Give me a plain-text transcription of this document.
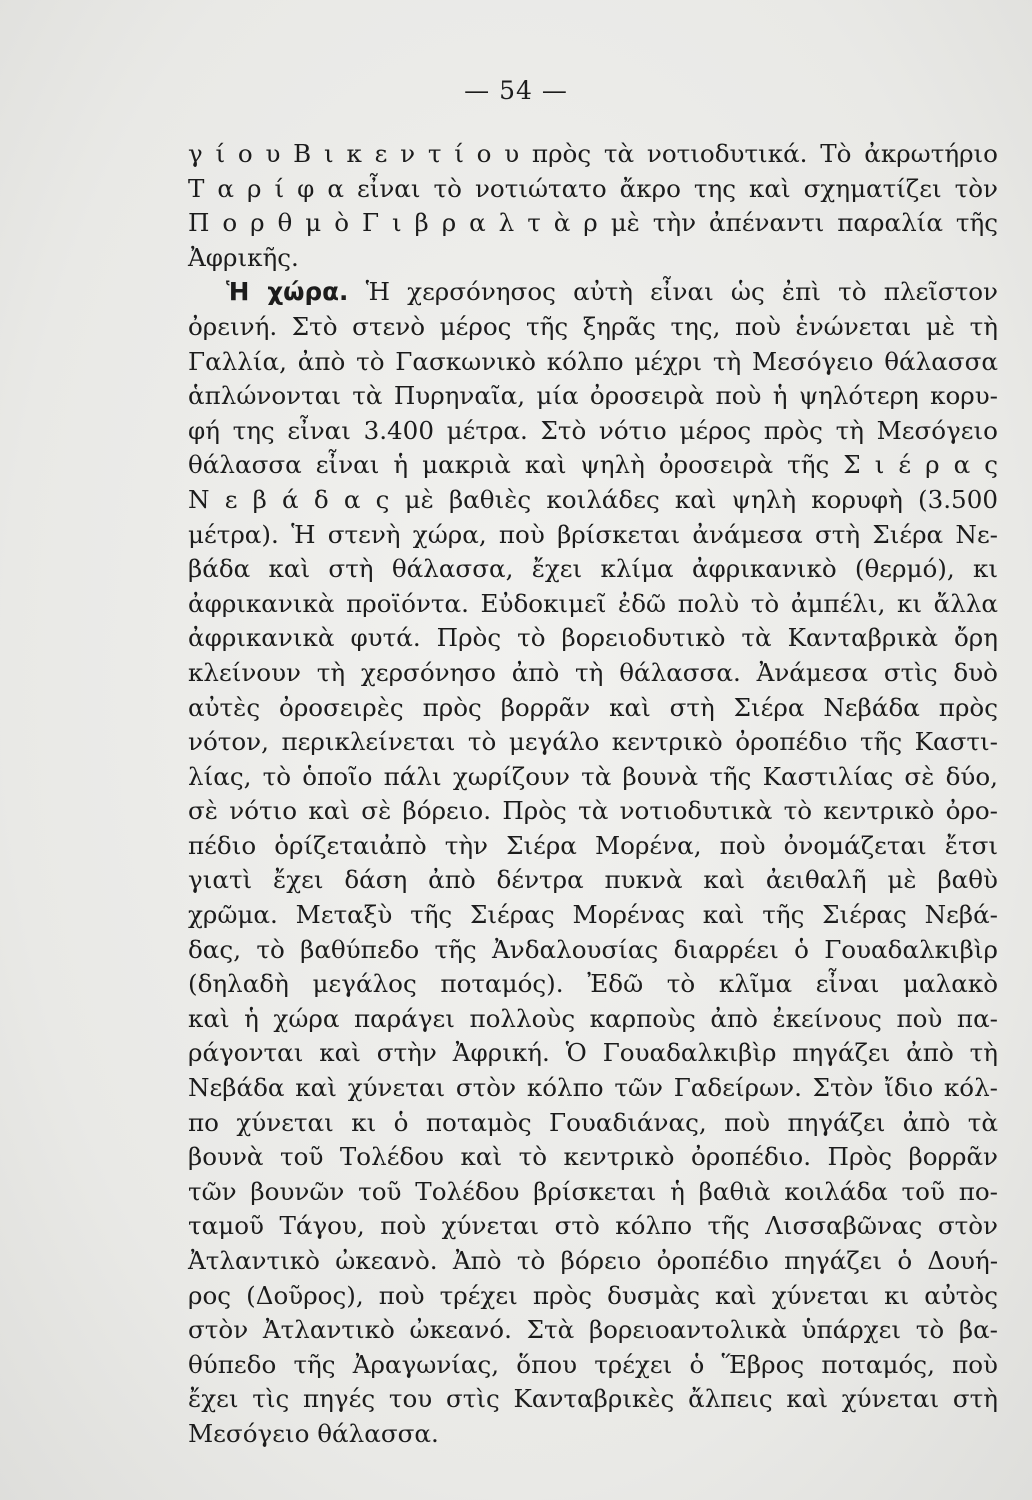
— 54 —
γ ί ο υ Β ι κ ε ν τ ί ο υ πρὸς τὰ νοτιοδυτικά. Τὸ ἀκρωτήριο
Τ α ρ ί φ α εἶναι τὸ νοτιώτατο ἄκρο της καὶ σχηματίζει τὸν
Π ο ρ θ μ ὸ Γ ι β ρ α λ τ ὰ ρ μὲ τὴν ἀπέναντι παραλία τῆς
Ἀφρικῆς.
Ἡ χώρα. Ἡ χερσόνησος αὐτὴ εἶναι ὡς ἐπὶ τὸ πλεῖστον
ὀρεινή. Στὸ στενὸ μέρος τῆς ξηρᾶς της, ποὺ ἑνώνεται μὲ τὴ
Γαλλία, ἀπὸ τὸ Γασκωνικὸ κόλπο μέχρι τὴ Μεσόγειο θάλασσα
ἁπλώνονται τὰ Πυρηναῖα, μία ὀροσειρὰ ποὺ ἡ ψηλότερη κορυ-
φή της εἶναι 3.400 μέτρα. Στὸ νότιο μέρος πρὸς τὴ Μεσόγειο
θάλασσα εἶναι ἡ μακριὰ καὶ ψηλὴ ὀροσειρὰ τῆς Σ ι έ ρ α ς
Ν ε β ά δ α ς μὲ βαθιὲς κοιλάδες καὶ ψηλὴ κορυφὴ (3.500
μέτρα). Ἡ στενὴ χώρα, ποὺ βρίσκεται ἀνάμεσα στὴ Σιέρα Νε-
βάδα καὶ στὴ θάλασσα, ἔχει κλίμα ἀφρικανικὸ (θερμό), κι
ἀφρικανικὰ προϊόντα. Εὐδοκιμεῖ ἐδῶ πολὺ τὸ ἀμπέλι, κι ἄλλα
ἀφρικανικὰ φυτά. Πρὸς τὸ βορειοδυτικὸ τὰ Κανταβρικὰ ὄρη
κλείνουν τὴ χερσόνησο ἀπὸ τὴ θάλασσα. Ἀνάμεσα στὶς δυὸ
αὐτὲς ὀροσειρὲς πρὸς βορρᾶν καὶ στὴ Σιέρα Νεβάδα πρὸς
νότον, περικλείνεται τὸ μεγάλο κεντρικὸ ὀροπέδιο τῆς Καστι-
λίας, τὸ ὁποῖο πάλι χωρίζουν τὰ βουνὰ τῆς Καστιλίας σὲ δύο,
σὲ νότιο καὶ σὲ βόρειο. Πρὸς τὰ νοτιοδυτικὰ τὸ κεντρικὸ ὀρο-
πέδιο ὁρίζεταιἀπὸ τὴν Σιέρα Μορένα, ποὺ ὀνομάζεται ἔτσι
γιατὶ ἔχει δάση ἀπὸ δέντρα πυκνὰ καὶ ἀειθαλῆ μὲ βαθὺ
χρῶμα. Μεταξὺ τῆς Σιέρας Μορένας καὶ τῆς Σιέρας Νεβά-
δας, τὸ βαθύπεδο τῆς Ἀνδαλουσίας διαρρέει ὁ Γουαδαλκιβὶρ
(δηλαδὴ μεγάλος ποταμός). Ἐδῶ τὸ κλῖμα εἶναι μαλακὸ
καὶ ἡ χώρα παράγει πολλοὺς καρποὺς ἀπὸ ἐκείνους ποὺ πα-
ράγονται καὶ στὴν Ἀφρική. Ὁ Γουαδαλκιβὶρ πηγάζει ἀπὸ τὴ
Νεβάδα καὶ χύνεται στὸν κόλπο τῶν Γαδείρων. Στὸν ἴδιο κόλ-
πο χύνεται κι ὁ ποταμὸς Γουαδιάνας, ποὺ πηγάζει ἀπὸ τὰ
βουνὰ τοῦ Τολέδου καὶ τὸ κεντρικὸ ὀροπέδιο. Πρὸς βορρᾶν
τῶν βουνῶν τοῦ Τολέδου βρίσκεται ἡ βαθιὰ κοιλάδα τοῦ πο-
ταμοῦ Τάγου, ποὺ χύνεται στὸ κόλπο τῆς Λισσαβῶνας στὸν
Ἀτλαντικὸ ὠκεανὸ. Ἀπὸ τὸ βόρειο ὀροπέδιο πηγάζει ὁ Δουή-
ρος (Δοῦρος), ποὺ τρέχει πρὸς δυσμὰς καὶ χύνεται κι αὐτὸς
στὸν Ἀτλαντικὸ ὠκεανό. Στὰ βορειοαντολικὰ ὑπάρχει τὸ βα-
θύπεδο τῆς Ἀραγωνίας, ὅπου τρέχει ὁ Ἕβρος ποταμός, ποὺ
ἔχει τὶς πηγές του στὶς Κανταβρικὲς ἄλπεις καὶ χύνεται στὴ
Μεσόγειο θάλασσα.
